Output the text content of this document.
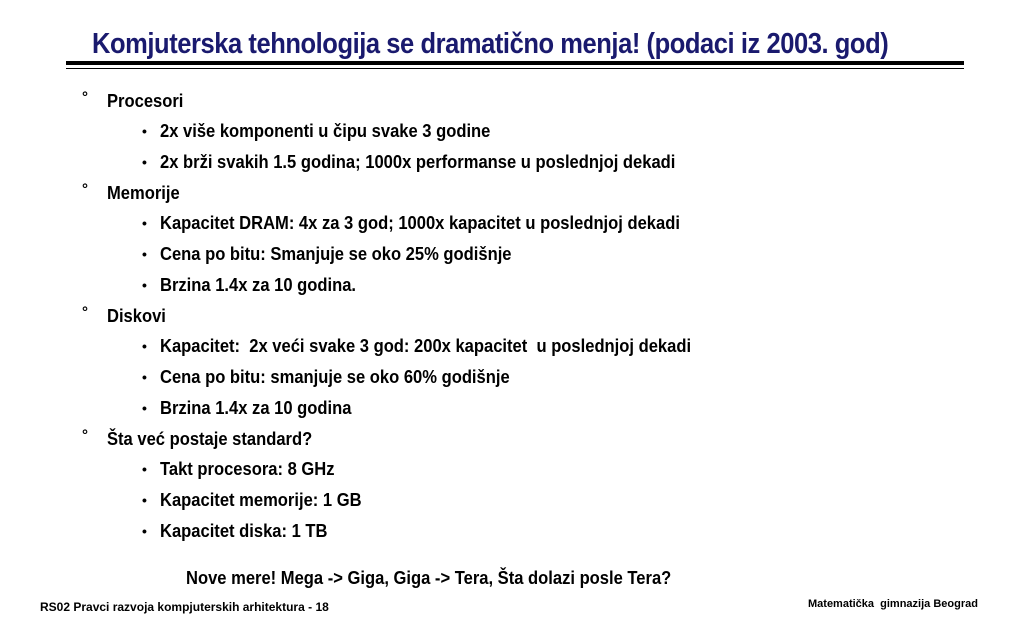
Komjuterska tehnologija se dramatično menja! (podaci iz 2003. god)
° Procesori
• 2x više komponenti u čipu svake 3 godine
• 2x brži svakih 1.5 godina; 1000x performanse u poslednjoj dekadi
° Memorije
• Kapacitet DRAM: 4x za 3 god; 1000x kapacitet u poslednjoj dekadi
• Cena po bitu: Smanjuje se oko 25% godišnje
• Brzina 1.4x za 10 godina.
° Diskovi
• Kapacitet:  2x veći svake 3 god: 200x kapacitet  u poslednjoj dekadi
• Cena po bitu: smanjuje se oko 60% godišnje
• Brzina 1.4x za 10 godina
° Šta već postaje standard?
• Takt procesora: 8 GHz
• Kapacitet memorije: 1 GB
• Kapacitet diska: 1 TB
Nove mere! Mega -> Giga, Giga -> Tera, Šta dolazi posle Tera?
RS02 Pravci razvoja kompjuterskih arhitektura - 18	Matematička  gimnazija Beograd
